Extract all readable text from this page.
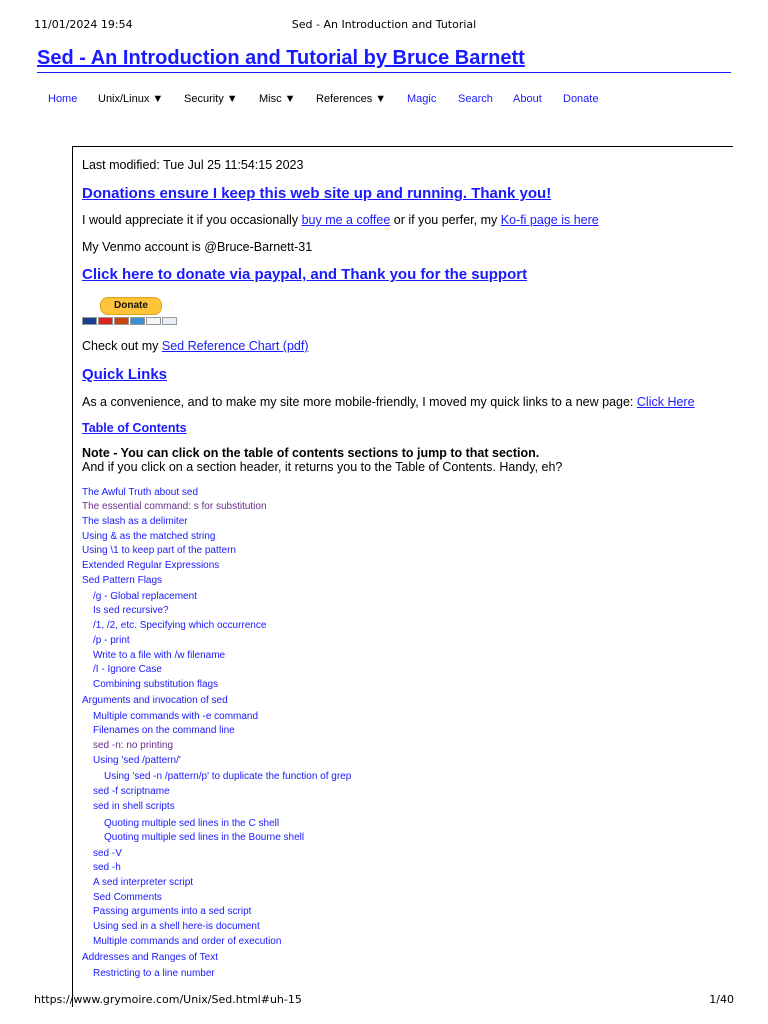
11/01/2024 19:54	Sed - An Introduction and Tutorial
Sed - An Introduction and Tutorial by Bruce Barnett
Home Unix/Linux ▼ Security ▼ Misc ▼ References ▼ Magic Search About Donate
Last modified: Tue Jul 25 11:54:15 2023
Donations ensure I keep this web site up and running. Thank you!
I would appreciate it if you occasionally buy me a coffee or if you perfer, my Ko-fi page is here
My Venmo account is @Bruce-Barnett-31
Click here to donate via paypal, and Thank you for the support
Donate
Check out my Sed Reference Chart (pdf)
Quick Links
As a convenience, and to make my site more mobile-friendly, I moved my quick links to a new page: Click Here
Table of Contents
Note - You can click on the table of contents sections to jump to that section.
And if you click on a section header, it returns you to the Table of Contents. Handy, eh?
The Awful Truth about sed
The essential command: s for substitution
The slash as a delimiter
Using & as the matched string
Using \1 to keep part of the pattern
Extended Regular Expressions
Sed Pattern Flags
/g - Global replacement
Is sed recursive?
/1, /2, etc. Specifying which occurrence
/p - print
Write to a file with /w filename
/I - Ignore Case
Combining substitution flags
Arguments and invocation of sed
Multiple commands with -e command
Filenames on the command line
sed -n: no printing
Using 'sed /pattern/'
Using 'sed -n /pattern/p' to duplicate the function of grep
sed -f scriptname
sed in shell scripts
Quoting multiple sed lines in the C shell
Quoting multiple sed lines in the Bourne shell
sed -V
sed -h
A sed interpreter script
Sed Comments
Passing arguments into a sed script
Using sed in a shell here-is document
Multiple commands and order of execution
Addresses and Ranges of Text
Restricting to a line number
https://www.grymoire.com/Unix/Sed.html#uh-15	1/40
